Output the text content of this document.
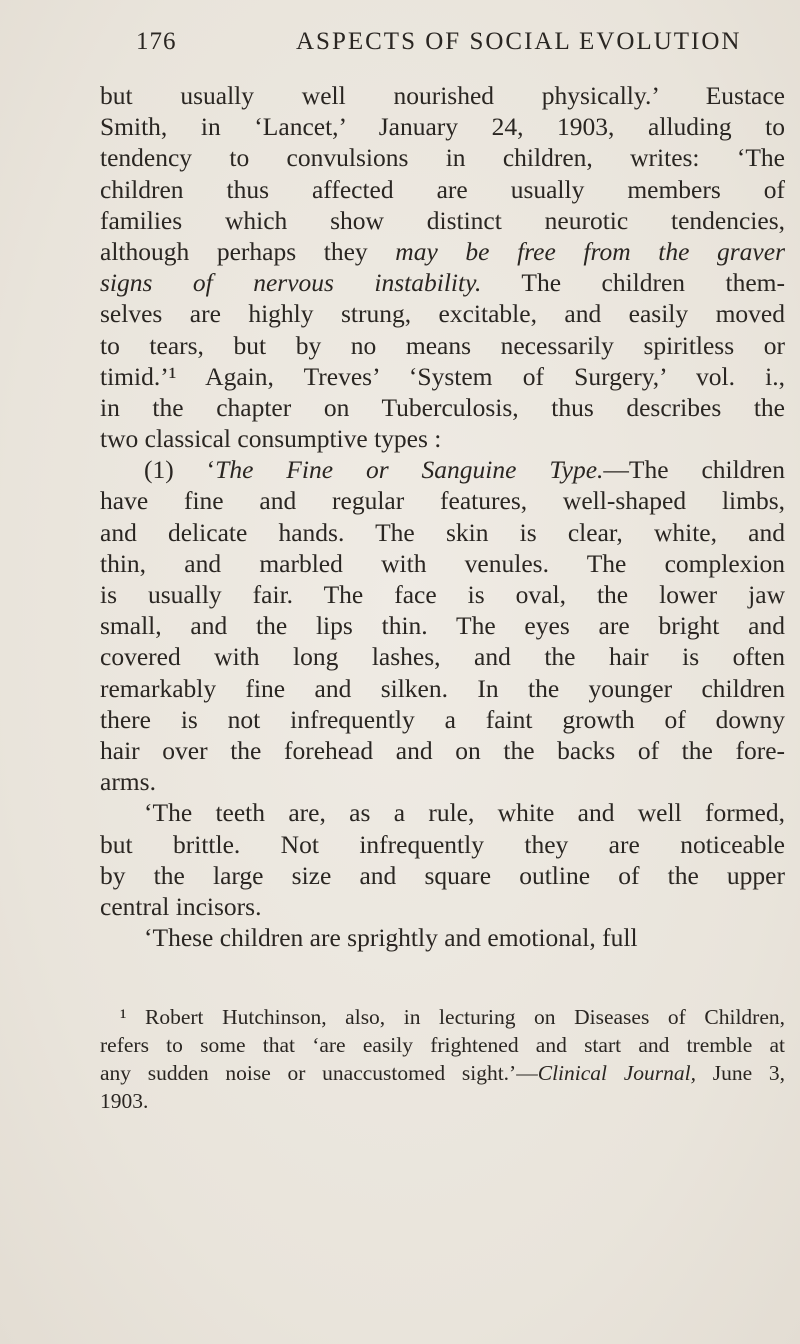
176	ASPECTS OF SOCIAL EVOLUTION
but usually well nourished physically.’ Eustace
Smith, in ‘Lancet,’ January 24, 1903, alluding to
tendency to convulsions in children, writes: ‘The
children thus affected are usually members of
families which show distinct neurotic tendencies,
although perhaps they may be free from the graver
signs of nervous instability. The children them-
selves are highly strung, excitable, and easily moved
to tears, but by no means necessarily spiritless or
timid.’¹ Again, Treves’ ‘System of Surgery,’ vol. i.,
in the chapter on Tuberculosis, thus describes the
two classical consumptive types :
(1) ‘The Fine or Sanguine Type.—The children
have fine and regular features, well-shaped limbs,
and delicate hands. The skin is clear, white, and
thin, and marbled with venules. The complexion
is usually fair. The face is oval, the lower jaw
small, and the lips thin. The eyes are bright and
covered with long lashes, and the hair is often
remarkably fine and silken. In the younger children
there is not infrequently a faint growth of downy
hair over the forehead and on the backs of the fore-
arms.
‘The teeth are, as a rule, white and well formed,
but brittle. Not infrequently they are noticeable
by the large size and square outline of the upper
central incisors.
‘These children are sprightly and emotional, full
¹ Robert Hutchinson, also, in lecturing on Diseases of Children,
refers to some that ‘are easily frightened and start and tremble at
any sudden noise or unaccustomed sight.’—Clinical Journal, June 3,
1903.
